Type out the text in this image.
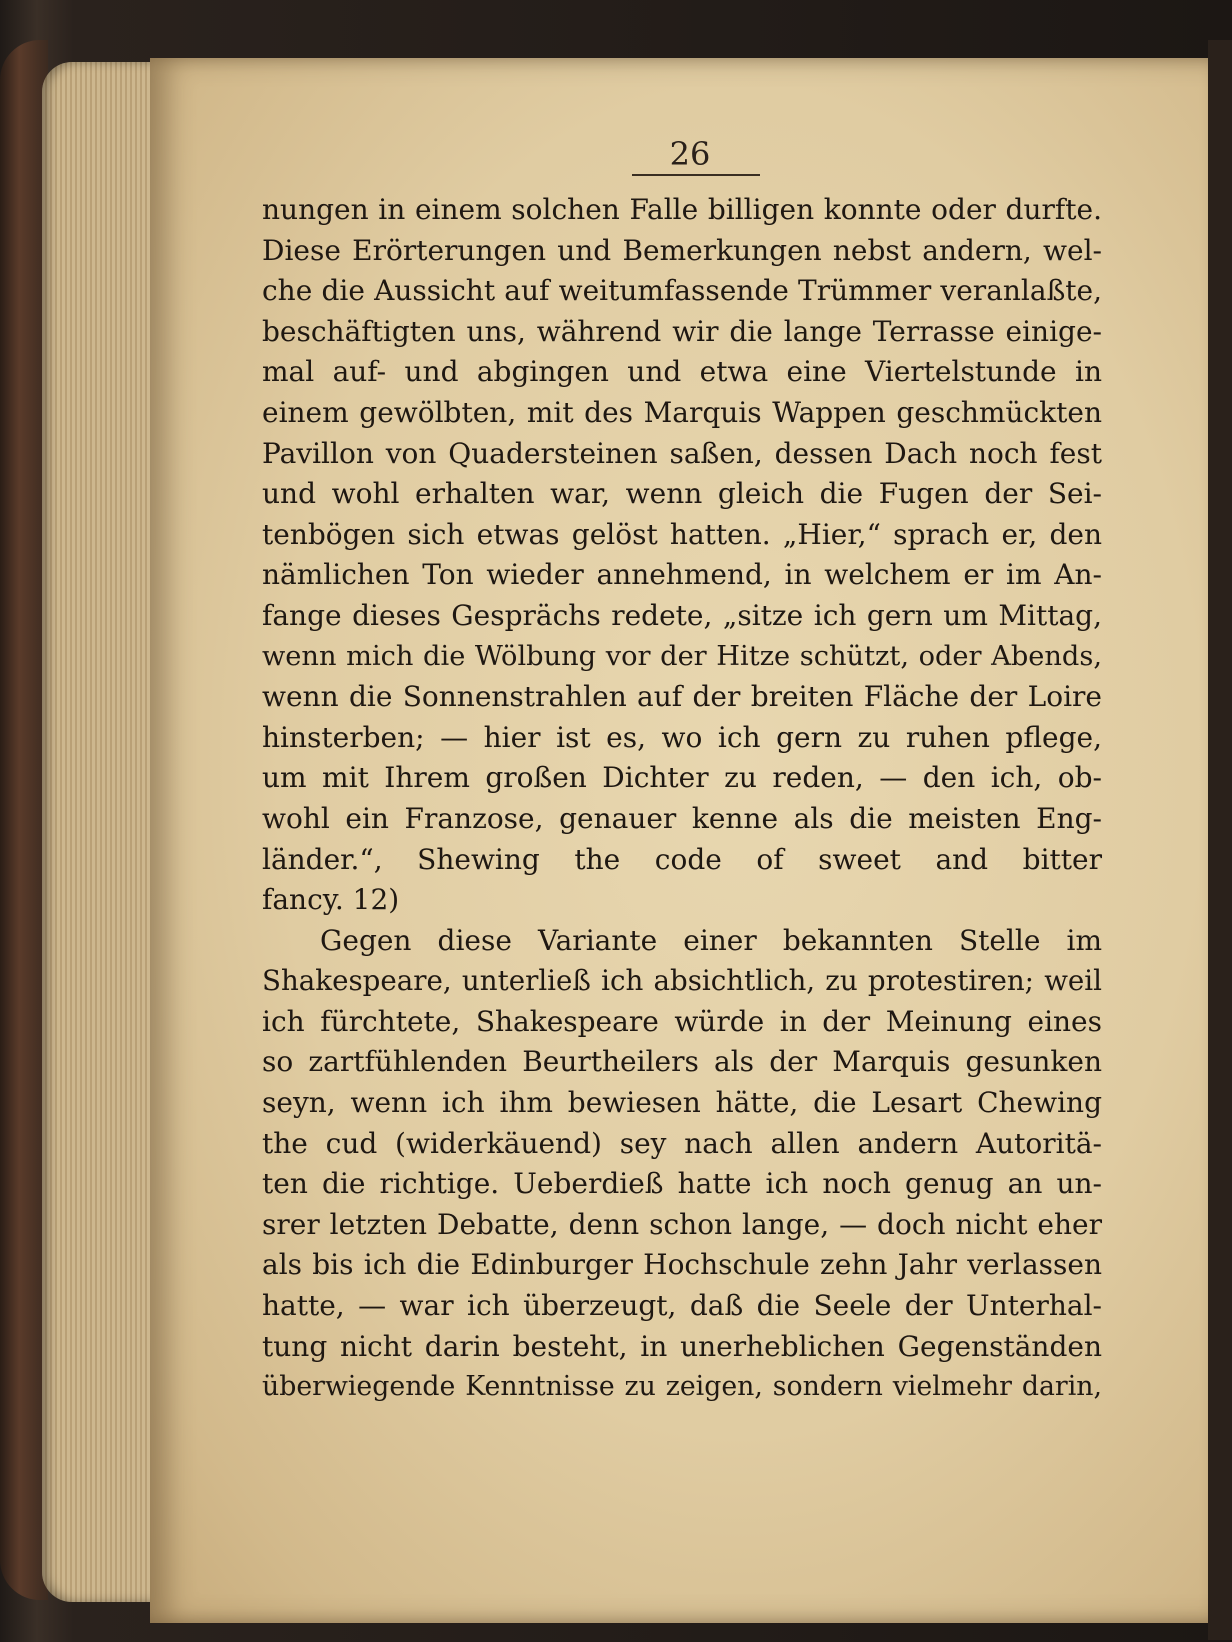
26
nungen in einem solchen Falle billigen konnte oder durfte.
Diese Erörterungen und Bemerkungen nebst andern, wel-
che die Aussicht auf weitumfassende Trümmer veranlaßte,
beschäftigten uns, während wir die lange Terrasse einige-
mal auf- und abgingen und etwa eine Viertelstunde in
einem gewölbten, mit des Marquis Wappen geschmückten
Pavillon von Quadersteinen saßen, dessen Dach noch fest
und wohl erhalten war, wenn gleich die Fugen der Sei-
tenbögen sich etwas gelöst hatten. „Hier,“ sprach er, den
nämlichen Ton wieder annehmend, in welchem er im An-
fange dieses Gesprächs redete, „sitze ich gern um Mittag,
wenn mich die Wölbung vor der Hitze schützt, oder Abends,
wenn die Sonnenstrahlen auf der breiten Fläche der Loire
hinsterben; — hier ist es, wo ich gern zu ruhen pflege,
um mit Ihrem großen Dichter zu reden, — den ich, ob-
wohl ein Franzose, genauer kenne als die meisten Eng-
länder.“, Shewing the code of sweet and bitter
fancy. 12)
Gegen diese Variante einer bekannten Stelle im
Shakespeare, unterließ ich absichtlich, zu protestiren; weil
ich fürchtete, Shakespeare würde in der Meinung eines
so zartfühlenden Beurtheilers als der Marquis gesunken
seyn, wenn ich ihm bewiesen hätte, die Lesart Chewing
the cud (widerkäuend) sey nach allen andern Autoritä-
ten die richtige. Ueberdieß hatte ich noch genug an un-
srer letzten Debatte, denn schon lange, — doch nicht eher
als bis ich die Edinburger Hochschule zehn Jahr verlassen
hatte, — war ich überzeugt, daß die Seele der Unterhal-
tung nicht darin besteht, in unerheblichen Gegenständen
überwiegende Kenntnisse zu zeigen, sondern vielmehr darin,
